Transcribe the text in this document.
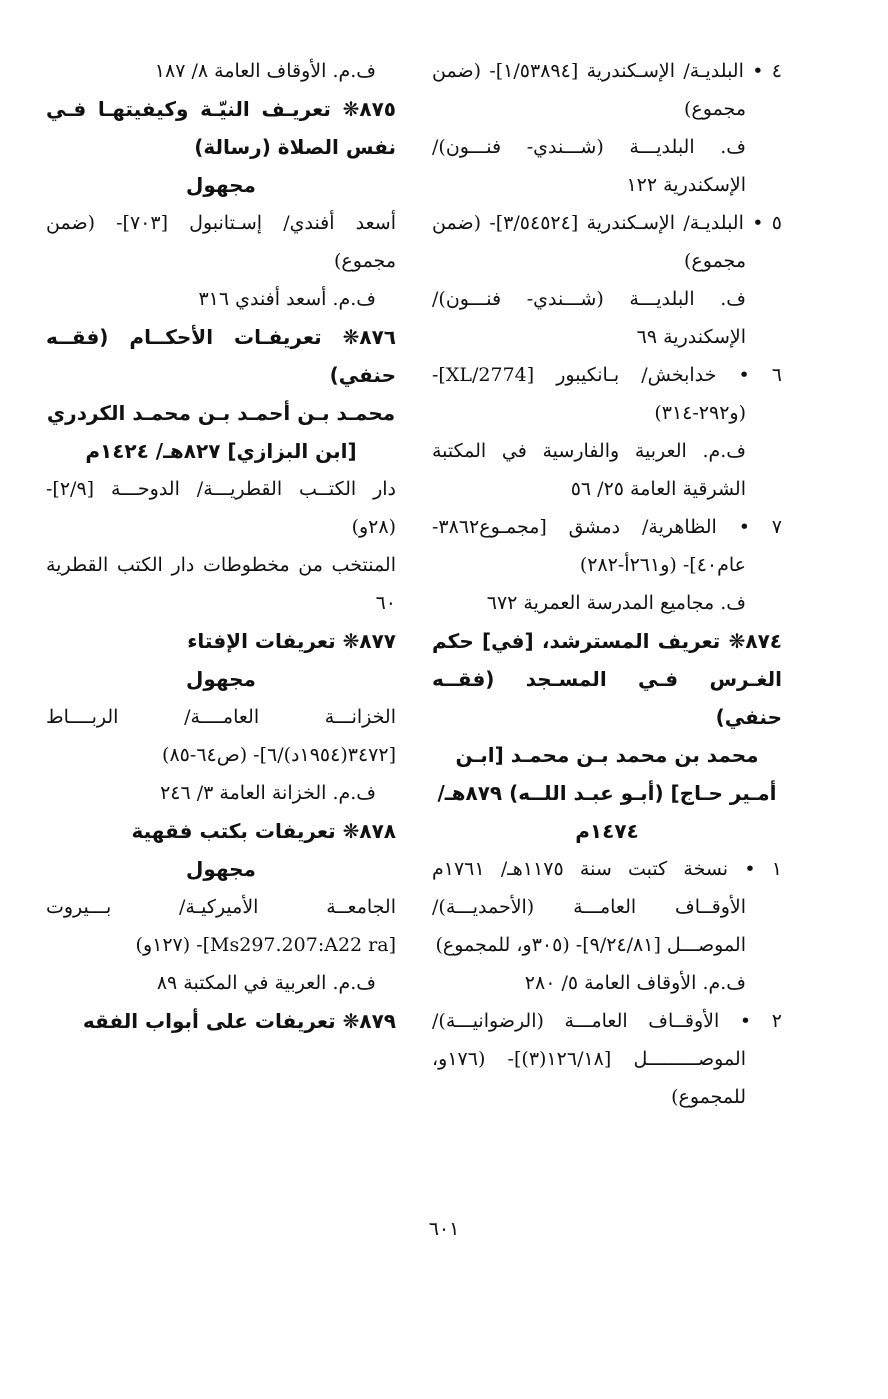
٤ • البلديـة/ الإسـكندرية [١/٥٣٨٩٤]- (ضمن مجموع)

ف. البلديـــة (شـــندي- فنـــون)/ الإسكندرية ١٢٢

٥ • البلديـة/ الإسـكندرية [٣/٥٤٥٢٤]- (ضمن مجموع)

ف. البلديـــة (شـــندي- فنـــون)/ الإسكندرية ٦٩

٦ • خدابخش/ بـانكيبور [2774/XL]- (و٢٩٢-٣١٤)

ف.م. العربية والفارسية في المكتبة الشرقية العامة ٢٥/ ٥٦

٧ • الظاهرية/ دمشق [مجمـوع٣٨٦٢- عام٤٠]- (و٢٦١أ-٢٨٢)

ف. مجاميع المدرسة العمرية ٦٧٢

٨٧٤❋ تعريف المسترشد، [في] حكم الغـرس فـي المسـجد (فقــه حنفي)

محمد بن محمد بـن محمـد [ابـن أمـير حـاج] (أبـو عبـد اللــه) ٨٧٩هـ/ ١٤٧٤م

١ • نسخة كتبت سنة ١١٧٥هـ/ ١٧٦١م الأوقــاف العامـــة (الأحمديـــة)/ الموصـــل [٩/٢٤/٨١]- (٣٠٥و، للمجموع)

ف.م. الأوقاف العامة ٥/ ٢٨٠

٢ • الأوقــاف العامـــة (الرضوانيـــة)/ الموصـــــــــل [١٢٦/١٨(٣)]- (١٧٦و، للمجموع)

ف.م. الأوقاف العامة ٨/ ١٨٧

٨٧٥❋ تعريـف النيّـة وكيفيتهـا فـي نفس الصلاة (رسالة)

مجهول

أسعد أفندي/ إسـتانبول [٧٠٣]- (ضمن مجموع)

ف.م. أسعد أفندي ٣١٦

٨٧٦❋ تعريفـات الأحكــام (فقــه حنفي)

محمـد بـن أحمـد بـن محمـد الكردري [ابن البزازي] ٨٢٧هـ/ ١٤٢٤م

دار الكتــب القطريـــة/ الدوحـــة [٢/٩]- (٢٨و)

المنتخب من مخطوطات دار الكتب القطرية ٦٠

٨٧٧❋ تعريفات الإفتاء

مجهول

الخزانـــة العامــــة/ الربــــاط [٣٤٧٢(١٩٥٤د)/٦]- (ص٦٤-٨٥)

ف.م. الخزانة العامة ٣/ ٢٤٦

٨٧٨❋ تعريفات بكتب فقهية

مجهول

الجامعــة الأميركيـة/ بـــيروت [Ms297.207:A22 ra]- (١٢٧و)

ف.م. العربية في المكتبة ٨٩

٨٧٩❋ تعريفات على أبواب الفقه

٦٠١
